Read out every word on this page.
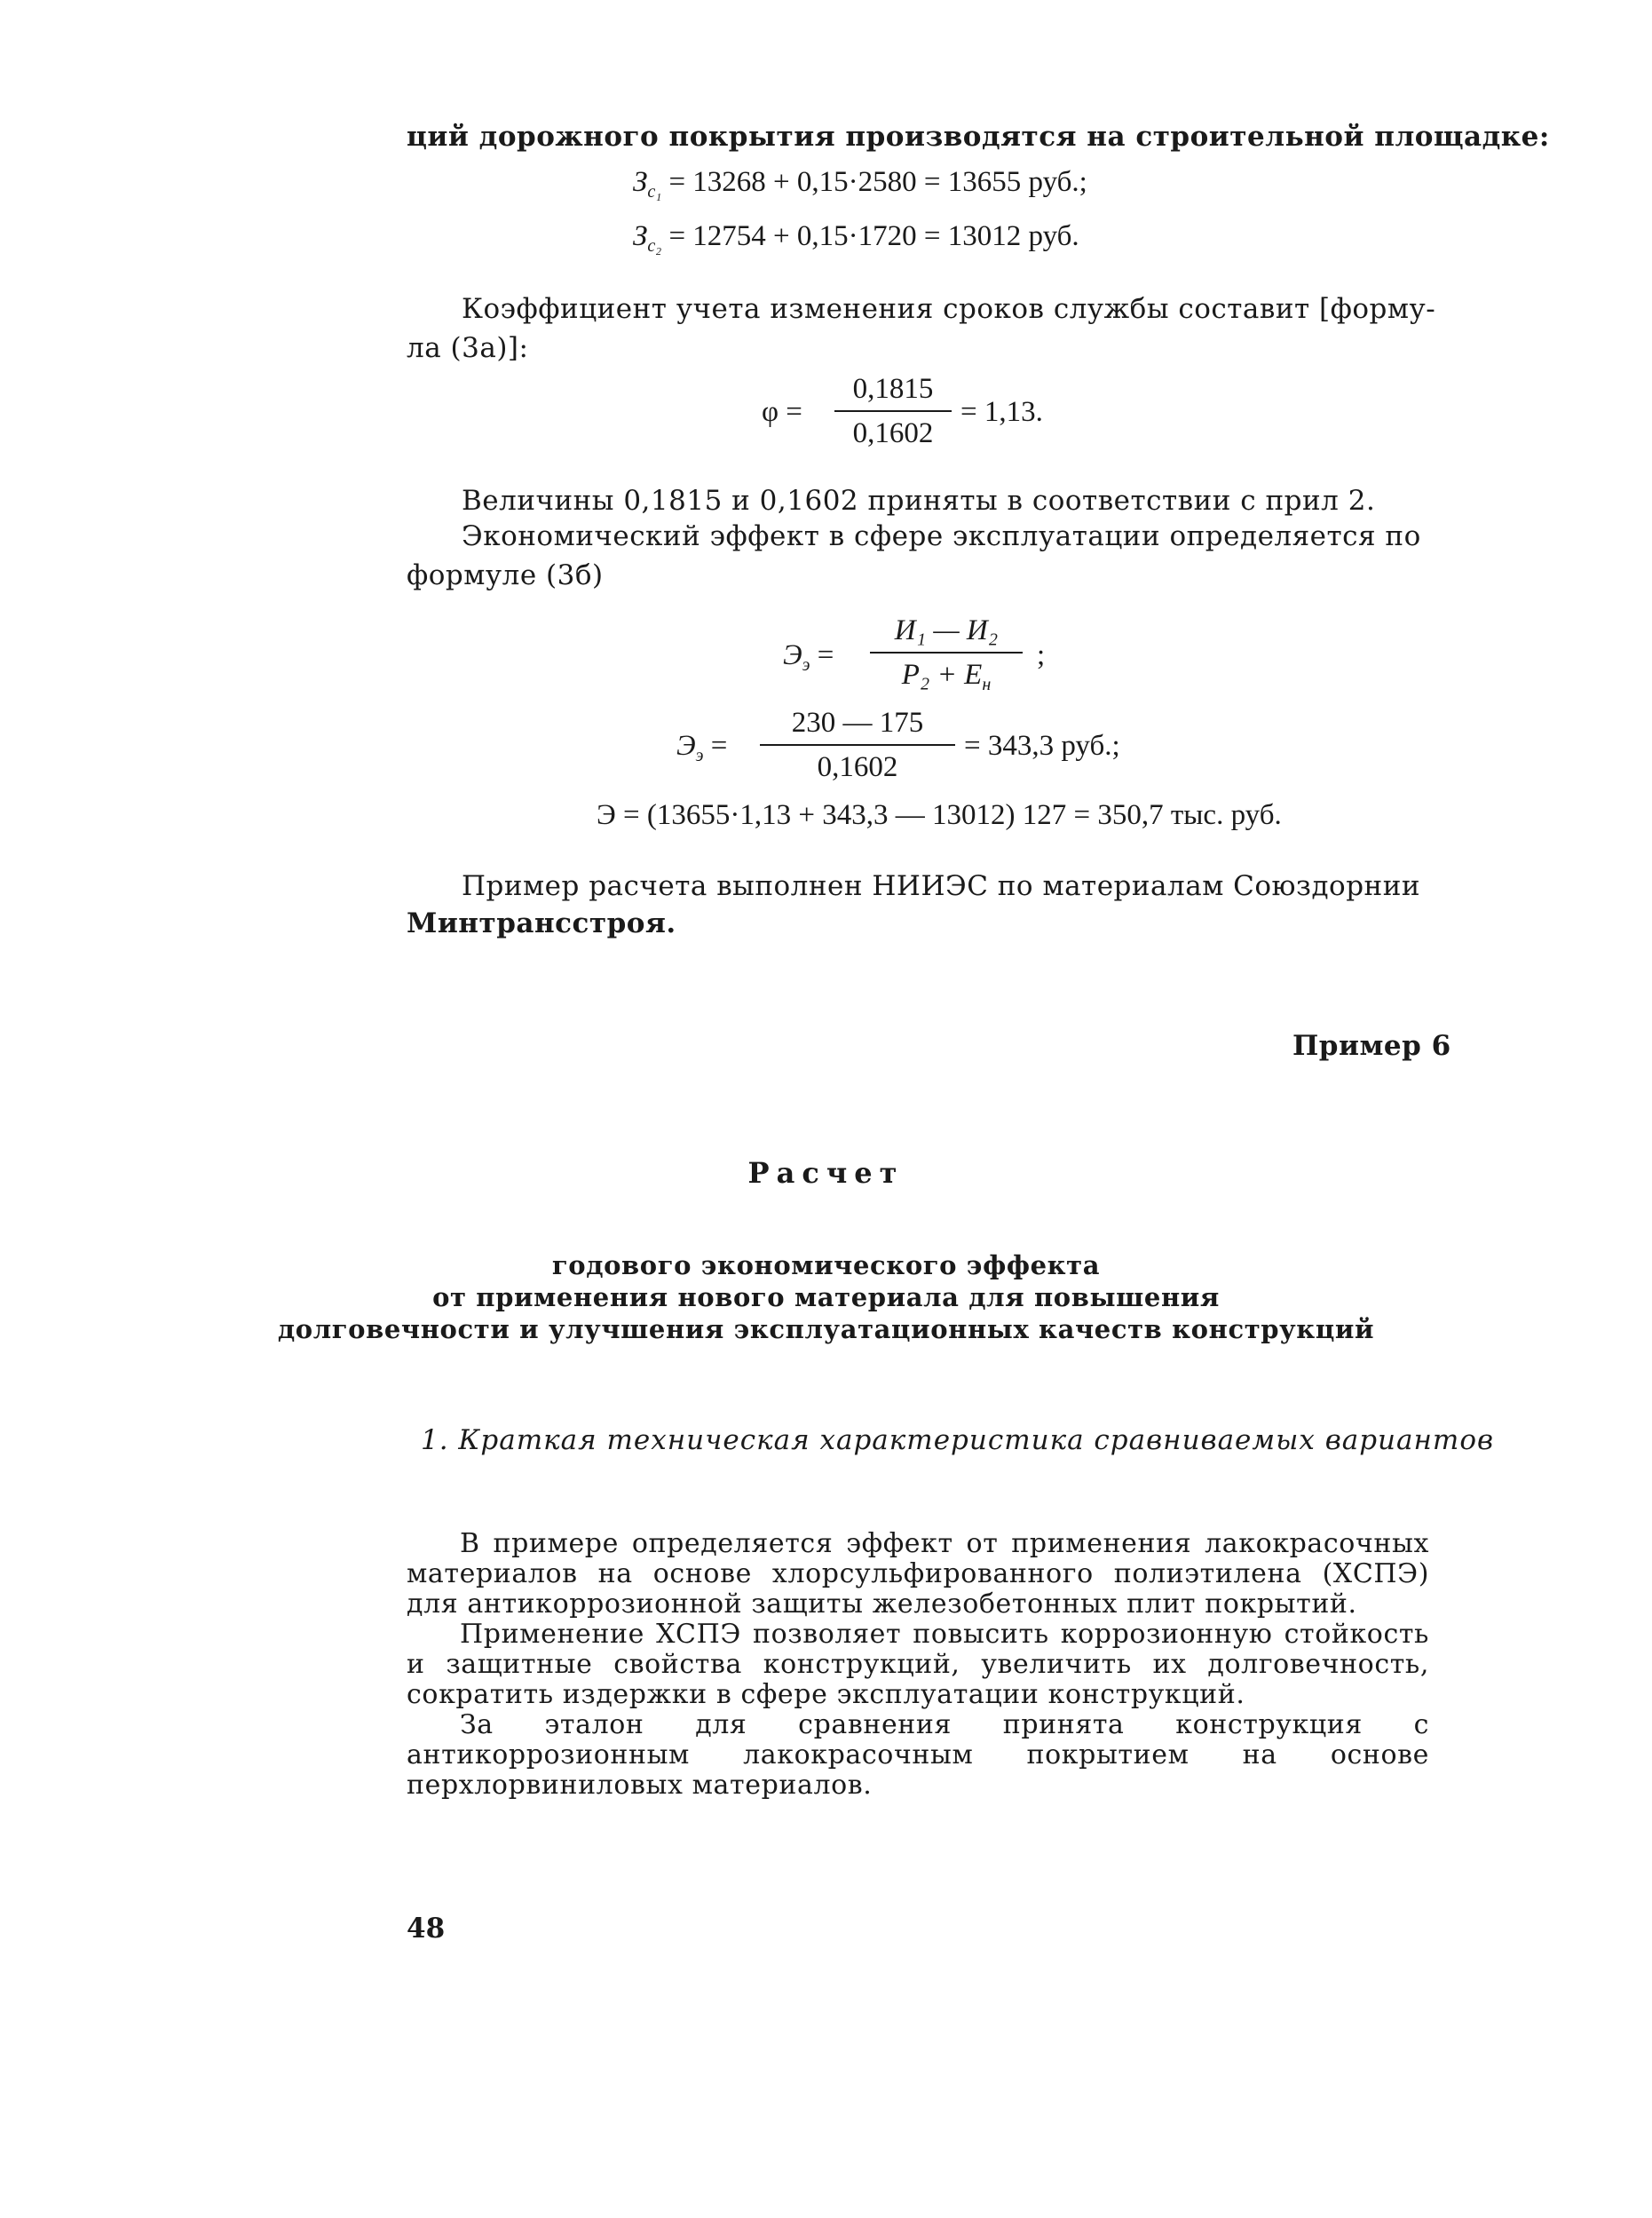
ций дорожного покрытия производятся на строительной площадке:
$З_{с_1} = 13268 + 0,15\cdot 2580 = 13655$ руб.;
$З_{с_2} = 12754 + 0,15\cdot 1720 = 13012$ руб.
Коэффициент учета изменения сроков службы составит [форму-
ла (3а)]:
φ =
0,1815
0,1602
= 1,13.
Величины 0,1815 и 0,1602 приняты в соответствии с прил 2.
Экономический эффект в сфере эксплуатации определяется по
формуле (3б)
$Э_э$ =
И₁ — И₂
$Р_2 + Е_н$
;
$Э_э$ =
230 — 175
0,1602
= 343,3 руб.;
Э = (13655·1,13 + 343,3 — 13012) 127 = 350,7 тыс. руб.
Пример расчета выполнен НИИЭС по материалам Союздорнии
Минтрансстроя.
Пример 6
Расчет
годового экономического эффекта
от применения нового материала для повышения
долговечности и улучшения эксплуатационных качеств конструкций
1. Краткая техническая характеристика сравниваемых вариантов

В примере определяется эффект от применения лакокрасочных материалов на основе хлорсульфированного полиэтилена (ХСПЭ) для антикоррозионной защиты железобетонных плит покрытий.

Применение ХСПЭ позволяет повысить коррозионную стойкость и защитные свойства конструкций, увеличить их долговечность, сократить издержки в сфере эксплуатации конструкций.

За эталон для сравнения принята конструкция с антикоррозионным лакокрасочным покрытием на основе перхлорвиниловых материалов.

48
